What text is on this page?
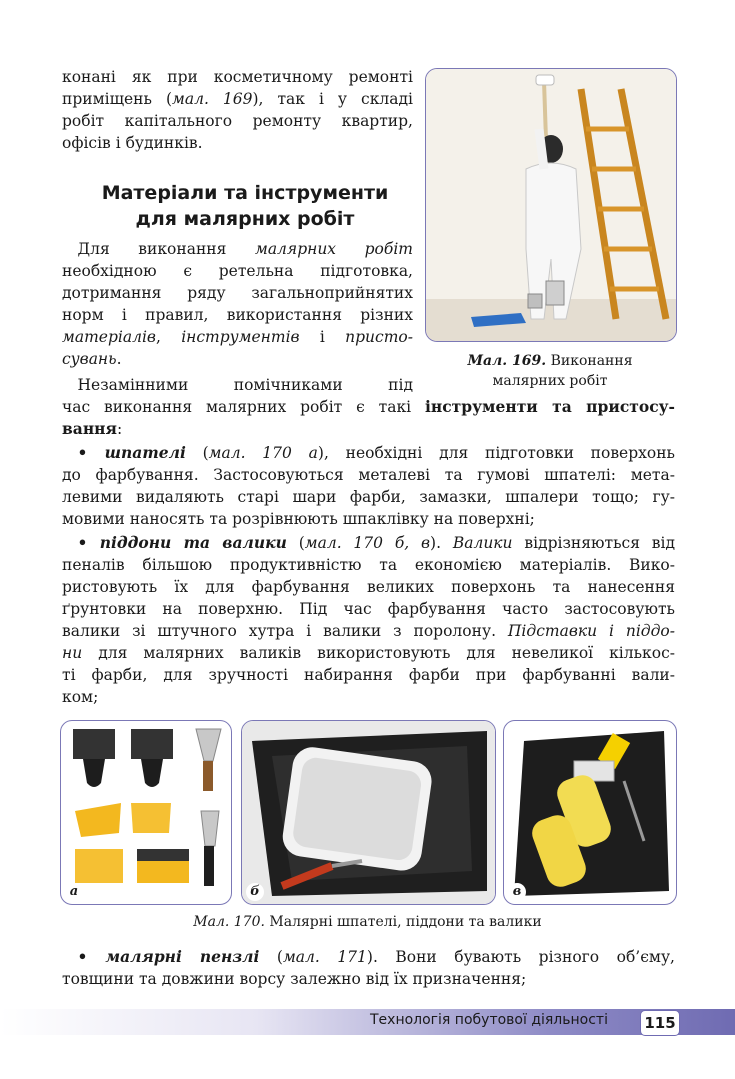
конані як при косметичному ремонті
приміщень (мал. 169), так і у складі
робіт капітального ремонту квартир,
офісів і будинків.
Мал. 169. Виконання
малярних робіт
Матеріали та інструменти
для малярних робіт
 Для виконання малярних робіт
необхідною є ретельна підготовка,
дотримання ряду загальноприйнятих
норм і правил, використання різних
матеріалів, інструментів і присто-
сувань.
 Незамінними помічниками під
час виконання малярних робіт є такі інструменти та пристосу-
вання:
 • шпателі (мал. 170 а), необхідні для підготовки поверхонь
до фарбування. Застосовуються металеві та гумові шпателі: мета-
левими видаляють старі шари фарби, замазки, шпалери тощо; гу-
мовими наносять та розрівнюють шпаклівку на поверхні;
 • піддони та валики (мал. 170 б, в). Валики відрізняються від
пеналів більшою продуктивністю та економією матеріалів. Вико-
ристовують їх для фарбування великих поверхонь та нанесення
ґрунтовки на поверхню. Під час фарбування часто застосовують
валики зі штучного хутра і валики з поролону. Підставки і піддо-
ни для малярних валиків використовують для невеликої кількос-
ті фарби, для зручності набирання фарби при фарбуванні вали-
ком;
а	б	в
Мал. 170. Малярні шпателі, піддони та валики
 • малярні пензлі (мал. 171). Вони бувають різного об’єму,
товщини та довжини ворсу залежно від їх призначення;
Технологія побутової діяльності 115
